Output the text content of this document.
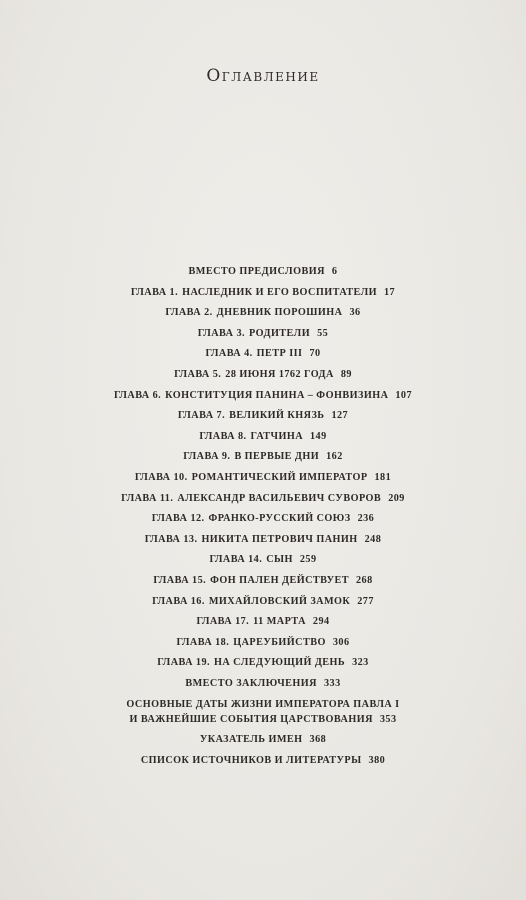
Оглавление
ВМЕСТО ПРЕДИСЛОВИЯ 6
ГЛАВА 1. НАСЛЕДНИК И ЕГО ВОСПИТАТЕЛИ 17
ГЛАВА 2. ДНЕВНИК ПОРОШИНА 36
ГЛАВА 3. РОДИТЕЛИ 55
ГЛАВА 4. ПЕТР III 70
ГЛАВА 5. 28 ИЮНЯ 1762 ГОДА 89
ГЛАВА 6. КОНСТИТУЦИЯ ПАНИНА – ФОНВИЗИНА 107
ГЛАВА 7. ВЕЛИКИЙ КНЯЗЬ 127
ГЛАВА 8. ГАТЧИНА 149
ГЛАВА 9. В ПЕРВЫЕ ДНИ 162
ГЛАВА 10. РОМАНТИЧЕСКИЙ ИМПЕРАТОР 181
ГЛАВА 11. АЛЕКСАНДР ВАСИЛЬЕВИЧ СУВОРОВ 209
ГЛАВА 12. ФРАНКО-РУССКИЙ СОЮЗ 236
ГЛАВА 13. НИКИТА ПЕТРОВИЧ ПАНИН 248
ГЛАВА 14. СЫН 259
ГЛАВА 15. ФОН ПАЛЕН ДЕЙСТВУЕТ 268
ГЛАВА 16. МИХАЙЛОВСКИЙ ЗАМОК 277
ГЛАВА 17. 11 МАРТА 294
ГЛАВА 18. ЦАРЕУБИЙСТВО 306
ГЛАВА 19. НА СЛЕДУЮЩИЙ ДЕНЬ 323
ВМЕСТО ЗАКЛЮЧЕНИЯ 333
ОСНОВНЫЕ ДАТЫ ЖИЗНИ ИМПЕРАТОРА ПАВЛА I
И ВАЖНЕЙШИЕ СОБЫТИЯ ЦАРСТВОВАНИЯ 353
УКАЗАТЕЛЬ ИМЕН 368
СПИСОК ИСТОЧНИКОВ И ЛИТЕРАТУРЫ 380
